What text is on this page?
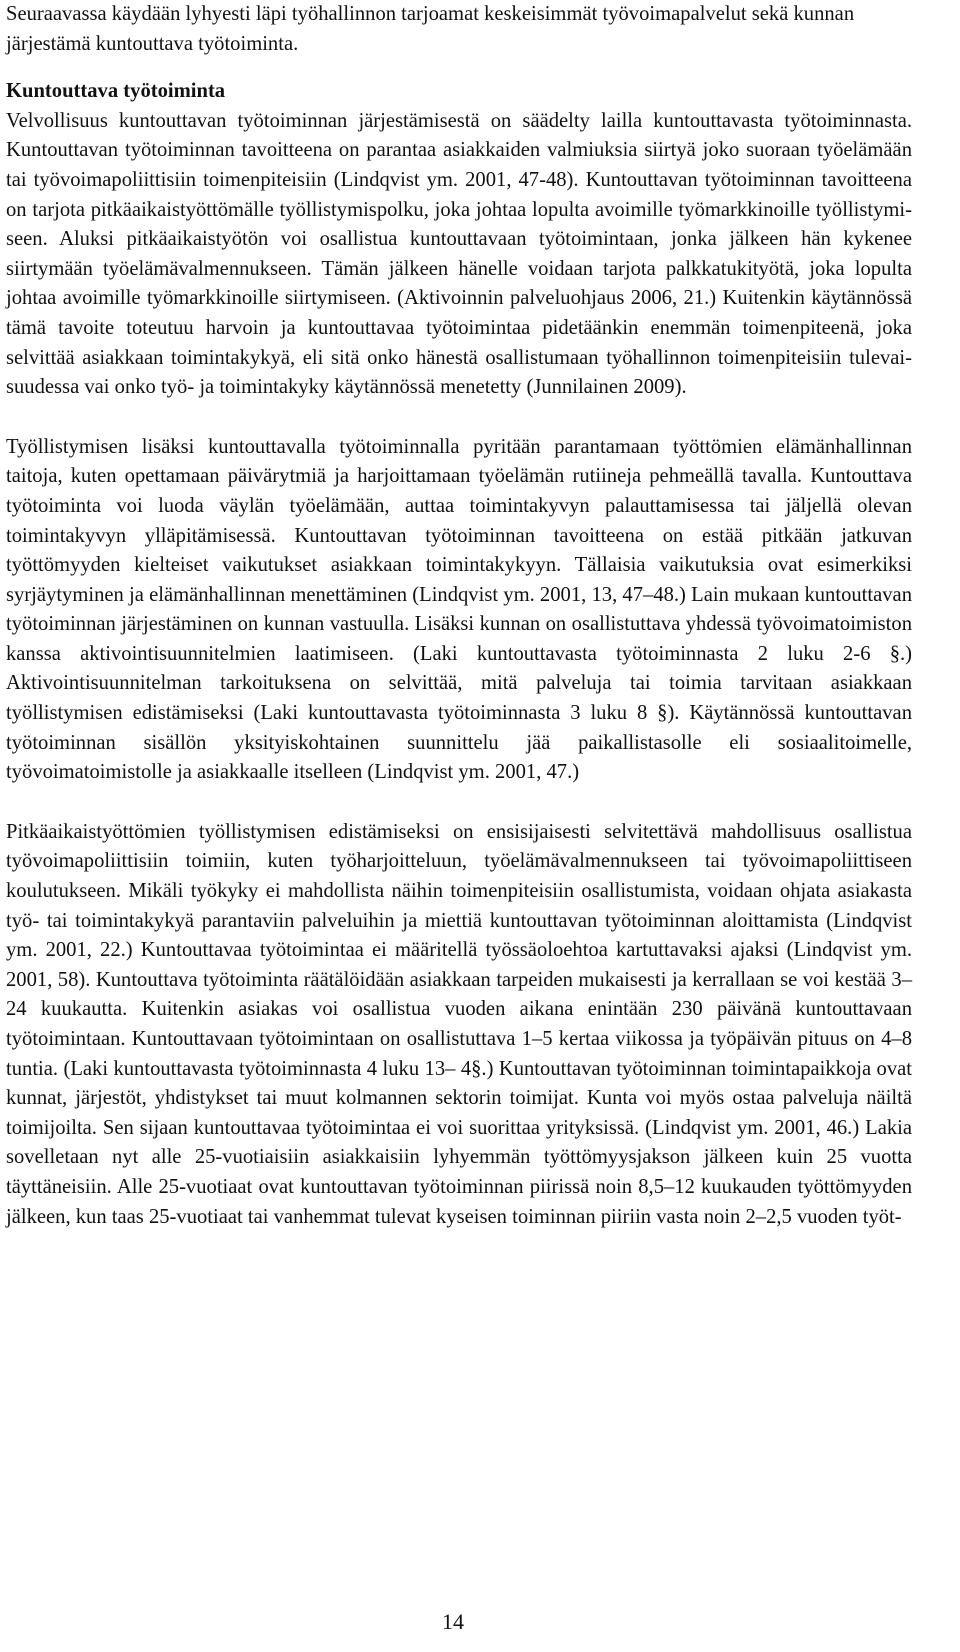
Seuraavassa käydään lyhyesti läpi työhallinnon tarjoamat keskeisimmät työvoimapalvelut sekä kunnan järjestämä kuntouttava työtoiminta.

Kuntouttava työtoiminta

Velvollisuus kuntouttavan työtoiminnan järjestämisestä on säädelty lailla kuntouttavasta työtoiminnasta. Kuntouttavan työtoiminnan tavoitteena on parantaa asiakkaiden valmiuksia siirtyä joko suoraan työelämään tai työvoimapoliittisiin toimenpiteisiin (Lindqvist ym. 2001, 47-48). Kuntouttavan työtoiminnan tavoitteena on tarjota pitkäaikaistyöttömälle työllistymispolku, joka johtaa lopulta avoimille työmarkkinoille työllistymiseen. Aluksi pitkäaikaistyötön voi osallistua kuntouttavaan työtoimintaan, jonka jälkeen hän kykenee siirtymään työelämävalmennukseen. Tämän jälkeen hänelle voidaan tarjota palkkatukityötä, joka lopulta johtaa avoimille työmarkkinoille siirtymiseen. (Aktivoinnin palveluohjaus 2006, 21.) Kuitenkin käytännössä tämä tavoite toteutuu harvoin ja kuntouttavaa työtoimintaa pidetäänkin enemmän toimenpiteenä, joka selvittää asiakkaan toimintakykyä, eli sitä onko hänestä osallistumaan työhallinnon toimenpiteisiin tulevaisuudessa vai onko työ- ja toimintakyky käytännössä menetetty (Junnilainen 2009).

Työllistymisen lisäksi kuntouttavalla työtoiminnalla pyritään parantamaan työttömien elämänhallinnan taitoja, kuten opettamaan päivärytmiä ja harjoittamaan työelämän rutiineja pehmeällä tavalla. Kuntouttava työtoiminta voi luoda väylän työelämään, auttaa toimintakyvyn palauttamisessa tai jäljellä olevan toimintakyvyn ylläpitämisessä. Kuntouttavan työtoiminnan tavoitteena on estää pitkään jatkuvan työttömyyden kielteiset vaikutukset asiakkaan toimintakykyyn. Tällaisia vaikutuksia ovat esimerkiksi syrjäytyminen ja elämänhallinnan menettäminen (Lindqvist ym. 2001, 13, 47–48.) Lain mukaan kuntouttavan työtoiminnan järjestäminen on kunnan vastuulla. Lisäksi kunnan on osallistuttava yhdessä työvoimatoimiston kanssa aktivointisuunnitelmien laatimiseen. (Laki kuntouttavasta työtoiminnasta 2 luku 2-6 §.) Aktivointisuunnitelman tarkoituksena on selvittää, mitä palveluja tai toimia tarvitaan asiakkaan työllistymisen edistämiseksi (Laki kuntouttavasta työtoiminnasta 3 luku 8 §). Käytännössä kuntouttavan työtoiminnan sisällön yksityiskohtainen suunnittelu jää paikallistasolle eli sosiaalitoimelle, työvoimatoimistolle ja asiakkaalle itselleen (Lindqvist ym. 2001, 47.)

Pitkäaikaistyöttömien työllistymisen edistämiseksi on ensisijaisesti selvitettävä mahdollisuus osallistua työvoimapoliittisiin toimiin, kuten työharjoitteluun, työelämävalmennukseen tai työvoimapoliittiseen koulutukseen. Mikäli työkyky ei mahdollista näihin toimenpiteisiin osallistumista, voidaan ohjata asiakasta työ- tai toimintakykyä parantaviin palveluihin ja miettiä kuntouttavan työtoiminnan aloittamista (Lindqvist ym. 2001, 22.) Kuntouttavaa työtoimintaa ei määritellä työssäoloehtoa kartuttavaksi ajaksi (Lindqvist ym. 2001, 58). Kuntouttava työtoiminta räätälöidään asiakkaan tarpeiden mukaisesti ja kerrallaan se voi kestää 3–24 kuukautta. Kuitenkin asiakas voi osallistua vuoden aikana enintään 230 päivänä kuntouttavaan työtoimintaan. Kuntouttavaan työtoimintaan on osallistuttava 1–5 kertaa viikossa ja työpäivän pituus on 4–8 tuntia. (Laki kuntouttavasta työtoiminnasta 4 luku 13– 4§.) Kuntouttavan työtoiminnan toimintapaikkoja ovat kunnat, järjestöt, yhdistykset tai muut kolmannen sektorin toimijat. Kunta voi myös ostaa palveluja näiltä toimijoilta. Sen sijaan kuntouttavaa työtoimintaa ei voi suorittaa yrityksissä. (Lindqvist ym. 2001, 46.) Lakia sovelletaan nyt alle 25-vuotiaisiin asiakkaisiin lyhyemmän työttömyysjakson jälkeen kuin 25 vuotta täyttäneisiin. Alle 25-vuotiaat ovat kuntouttavan työtoiminnan piirissä noin 8,5–12 kuukauden työttömyyden jälkeen, kun taas 25-vuotiaat tai vanhemmat tulevat kyseisen toiminnan piiriin vasta noin 2–2,5 vuoden työt-

14
